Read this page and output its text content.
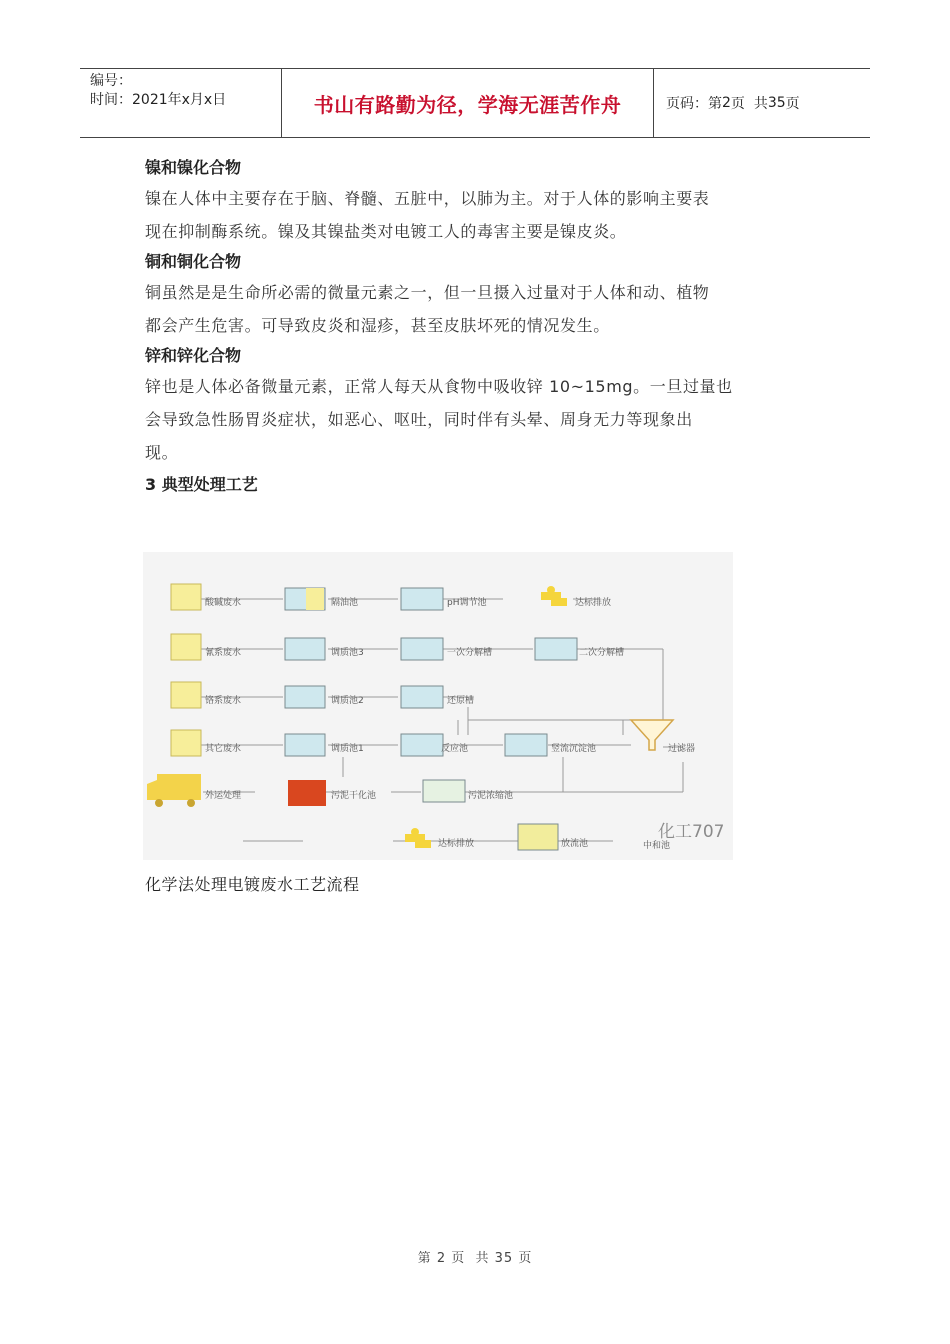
编号：
时间：2021年x月x日	书山有路勤为径，学海无涯苦作舟	页码：第 2 页  共 35 页

镍和镍化合物

镍在人体中主要存在于脑、脊髓、五脏中，以肺为主。对于人体的影响主要表

现在抑制酶系统。镍及其镍盐类对电镀工人的毒害主要是镍皮炎。

铜和铜化合物

铜虽然是是生命所必需的微量元素之一，但一旦摄入过量对于人体和动、植物

都会产生危害。可导致皮炎和湿疹，甚至皮肤坏死的情况发生。

锌和锌化合物

锌也是人体必备微量元素，正常人每天从食物中吸收锌 10~15mg。一旦过量也

会导致急性肠胃炎症状，如恶心、呕吐，同时伴有头晕、周身无力等现象出

现。

3 典型处理工艺

酸碱废水	隔油池	pH调节池	达标排放
氰系废水	调质池3	一次分解槽	二次分解槽
铬系废水	调质池2	还原槽
其它废水	调质池1	反应池	竖流沉淀池	过滤器
外运处理	污泥干化池	污泥浓缩池
达标排放	放流池	中和池
化工707
化学法处理电镀废水工艺流程
第 2 页  共 35 页
